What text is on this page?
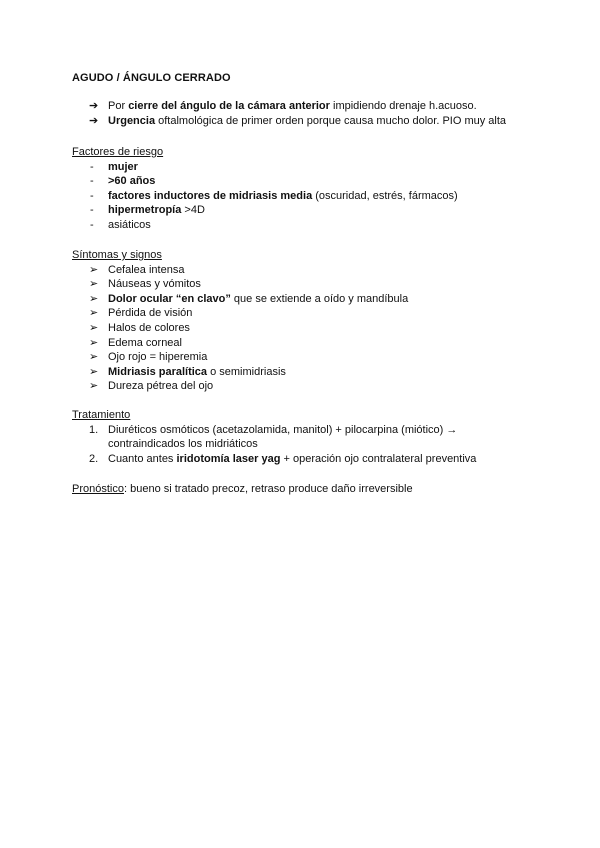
AGUDO / ÁNGULO CERRADO
➔ Por cierre del ángulo de la cámara anterior impidiendo drenaje h.acuoso.
➔ Urgencia oftalmológica de primer orden porque causa mucho dolor. PIO muy alta
Factores de riesgo
- mujer
- >60 años
- factores inductores de midriasis media (oscuridad, estrés, fármacos)
- hipermetropía >4D
- asiáticos
Síntomas y signos
➢ Cefalea intensa
➢ Náuseas y vómitos
➢ Dolor ocular “en clavo” que se extiende a oído y mandíbula
➢ Pérdida de visión
➢ Halos de colores
➢ Edema corneal
➢ Ojo rojo = hiperemia
➢ Midriasis paralítica o semimidriasis
➢ Dureza pétrea del ojo
Tratamiento
1. Diuréticos osmóticos (acetazolamida, manitol) + pilocarpina (miótico) →
contraindicados los midriáticos
2. Cuanto antes iridotomía laser yag + operación ojo contralateral preventiva
Pronóstico: bueno si tratado precoz, retraso produce daño irreversible
